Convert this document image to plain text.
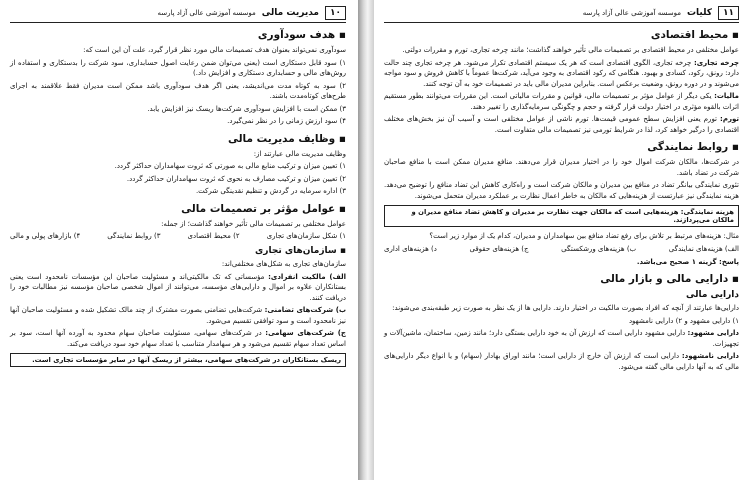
۱۰
مدیریت مالی
موسسه آموزشی عالی آزاد پارسه
▪ هدف سودآوری
سودآوری نمی‌تواند بعنوان هدف تصمیمات مالی مورد نظر قرار گیرد، علت آن این است که:
۱) سود قابل دستکاری است (یعنی می‌توان ضمن رعایت اصول حسابداری، سود شرکت را بدستکاری و استفاده از روش‌های مالی و حسابداری دستکاری و افزایش داد.)
۲) سود به کوتاه مدت می‌اندیشد، یعنی اگر هدف سودآوری باشد ممکن است مدیران فقط علاقمند به اجرای طرح‌های کوتاه‌مدت باشند.
۳) ممکن است با افزایش سودآوری شرکت‌ها ریسک نیز افزایش یابد.
۴) سود ارزش زمانی را در نظر نمی‌گیرد.
▪ وظایف مدیریت مالی
وظایف مدیریت مالی عبارتند از:
۱) تعیین میزان و ترکیب منابع مالی به صورتی که ثروت سهامداران حداکثر گردد.
۲) تعیین میزان و ترکیب مصارف به نحوی که ثروت سهامداران حداکثر گردد.
۳) اداره سرمایه در گردش و تنظیم نقدینگی شرکت.
▪ عوامل مؤثر بر تصمیمات مالی
عوامل مختلفی بر تصمیمات مالی تأثیر خواهند گذاشت؛ از جمله:
۱) شکل سازمان‌های تجاری
۲) محیط اقتصادی
۳) روابط نمایندگی
۴) بازارهای پولی و مالی
▪ سازمان‌های تجاری
سازمان‌های تجاری به شکل‌های مختلفی‌اند:
الف) مالکیت انفرادی: مؤسساتی که تک مالکیتی‌اند و مسئولیت صاحبان این مؤسسات نامحدود است یعنی بستانکاران علاوه بر اموال و دارایی‌های مؤسسه، می‌توانند از اموال شخصی صاحبان مؤسسه نیز مطالبات خود را دریافت کنند.
ب) شرکت‌های تضامنی: شرکت‌هایی تضامنی بصورت مشترک از چند مالک تشکیل شده و مسئولیت صاحبان آنها نیز نامحدود است و سود توافقی تقسیم می‌شود.
ج) شرکت‌های سهامی: در شرکت‌های سهامی، مسئولیت صاحبان سهام محدود به آورده آنها است، سود بر اساس تعداد سهام تقسیم می‌شود و هر سهامدار متناسب با تعداد سهام خود سود دریافت می‌کند.
ریسک بستانکاران در شرکت‌های سهامی، بیشتر از ریسک آنها در سایر مؤسسات تجاری است.
۱۱
کلیات
موسسه آموزشی عالی آزاد پارسه
▪ محیط اقتصادی
عوامل مختلفی در محیط اقتصادی بر تصمیمات مالی تأثیر خواهند گذاشت؛ مانند چرخه تجاری، تورم و مقررات دولتی.
چرخه تجاری: چرخه تجاری، الگوی اقتصادی است که هر یک سیستم اقتصادی تکرار می‌شود. هر چرخه تجاری چند حالت دارد: رونق، رکود، کسادی و بهبود. هنگامی که رکود اقتصادی به وجود می‌آید، شرکت‌ها عموماً با کاهش فروش و سود مواجه می‌شوند و در دوره رونق، وضعیت برعکس است. بنابراین مدیران مالی باید در تصمیمات خود به آن توجه کنند.
مالیات: یکی دیگر از عوامل مؤثر بر تصمیمات مالی، قوانین و مقررات مالیاتی است. این مقررات می‌توانند بطور مستقیم اثرات بالقوه مؤثری در اختیار دولت قرار گرفته و حجم و چگونگی سرمایه‌گذاری را تغییر دهند.
تورم: تورم یعنی افزایش سطح عمومی قیمت‌ها. تورم ناشی از عوامل مختلفی است و آسیب آن نیز بخش‌های مختلف اقتصادی را درگیر خواهد کرد، لذا در شرایط تورمی نیز تصمیمات مالی متفاوت است.
▪ روابط نمایندگی
در شرکت‌ها، مالکان شرکت اموال خود را در اختیار مدیران قرار می‌دهند. منافع مدیران ممکن است با منافع صاحبان شرکت در تضاد باشد.
تئوری نمایندگی بیانگر تضاد در منافع بین مدیران و مالکان شرکت است و راه‌کاری کاهش این تضاد منافع را توضیح می‌دهد. هزینه نمایندگی نیز عبارتست از هزینه‌هایی که مالکان به خاطر اعمال نظارت بر عملکرد مدیران متحمل می‌شوند.
هزینه نمایندگی: هزینه‌هایی است که مالکان جهت نظارت بر مدیران و کاهش تضاد منافع مدیران و مالکان می‌پردازند.
مثال: هزینه‌های مرتبط بر تلاش برای رفع تضاد منافع بین سهامداران و مدیران، کدام یک از موارد زیر است؟
الف) هزینه‌های نمایندگی
ب) هزینه‌های ورشکستگی
ج) هزینه‌های حقوقی
د) هزینه‌های اداری
پاسخ: گزینه ۱ صحیح می‌باشد.
▪ دارایی مالی و بازار مالی
دارایی مالی
دارایی‌ها عبارتند از آنچه که افراد بصورت مالکیت در اختیار دارند. دارایی ها از یک نظر به صورت زیر طبقه‌بندی می‌شوند:
۱) دارایی مشهود و ۲) دارایی نامشهود
دارایی مشهود: دارایی مشهود دارایی است که ارزش آن به خود دارایی بستگی دارد؛ مانند زمین، ساختمان، ماشین‌آلات و تجهیزات.
دارایی نامشهود: دارایی است که ارزش آن خارج از دارایی است؛ مانند اوراق بهادار (سهام) و یا انواع دیگر دارایی‌های مالی که به آنها دارایی مالی گفته می‌شود.
